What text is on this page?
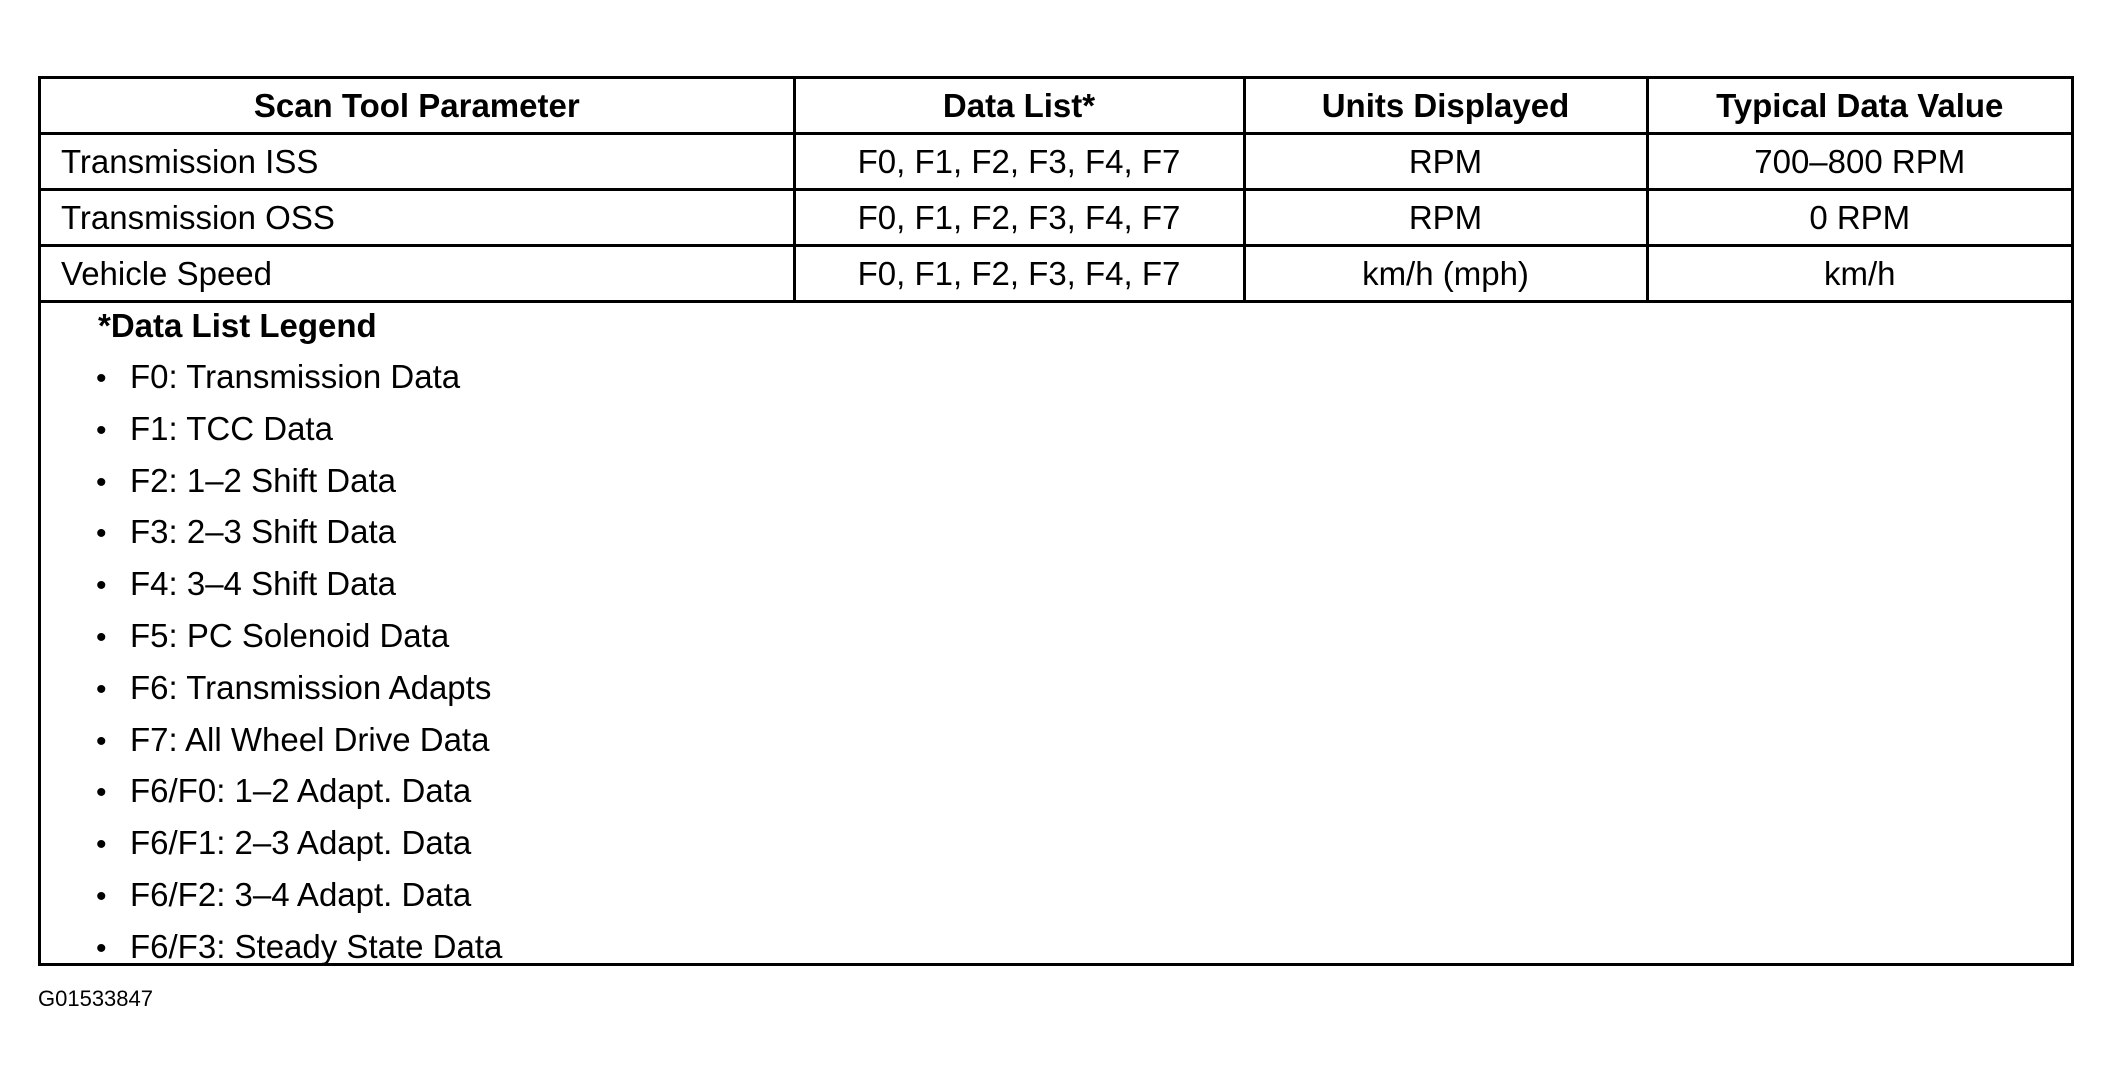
Scan Tool Parameter	Data List*	Units Displayed	Typical Data Value
Transmission ISS	F0, F1, F2, F3, F4, F7	RPM	700–800 RPM
Transmission OSS	F0, F1, F2, F3, F4, F7	RPM	0 RPM
Vehicle Speed	F0, F1, F2, F3, F4, F7	km/h (mph)	km/h
*Data List Legend
• F0: Transmission Data
• F1: TCC Data
• F2: 1–2 Shift Data
• F3: 2–3 Shift Data
• F4: 3–4 Shift Data
• F5: PC Solenoid Data
• F6: Transmission Adapts
• F7: All Wheel Drive Data
• F6/F0: 1–2 Adapt. Data
• F6/F1: 2–3 Adapt. Data
• F6/F2: 3–4 Adapt. Data
• F6/F3: Steady State Data
G01533847
